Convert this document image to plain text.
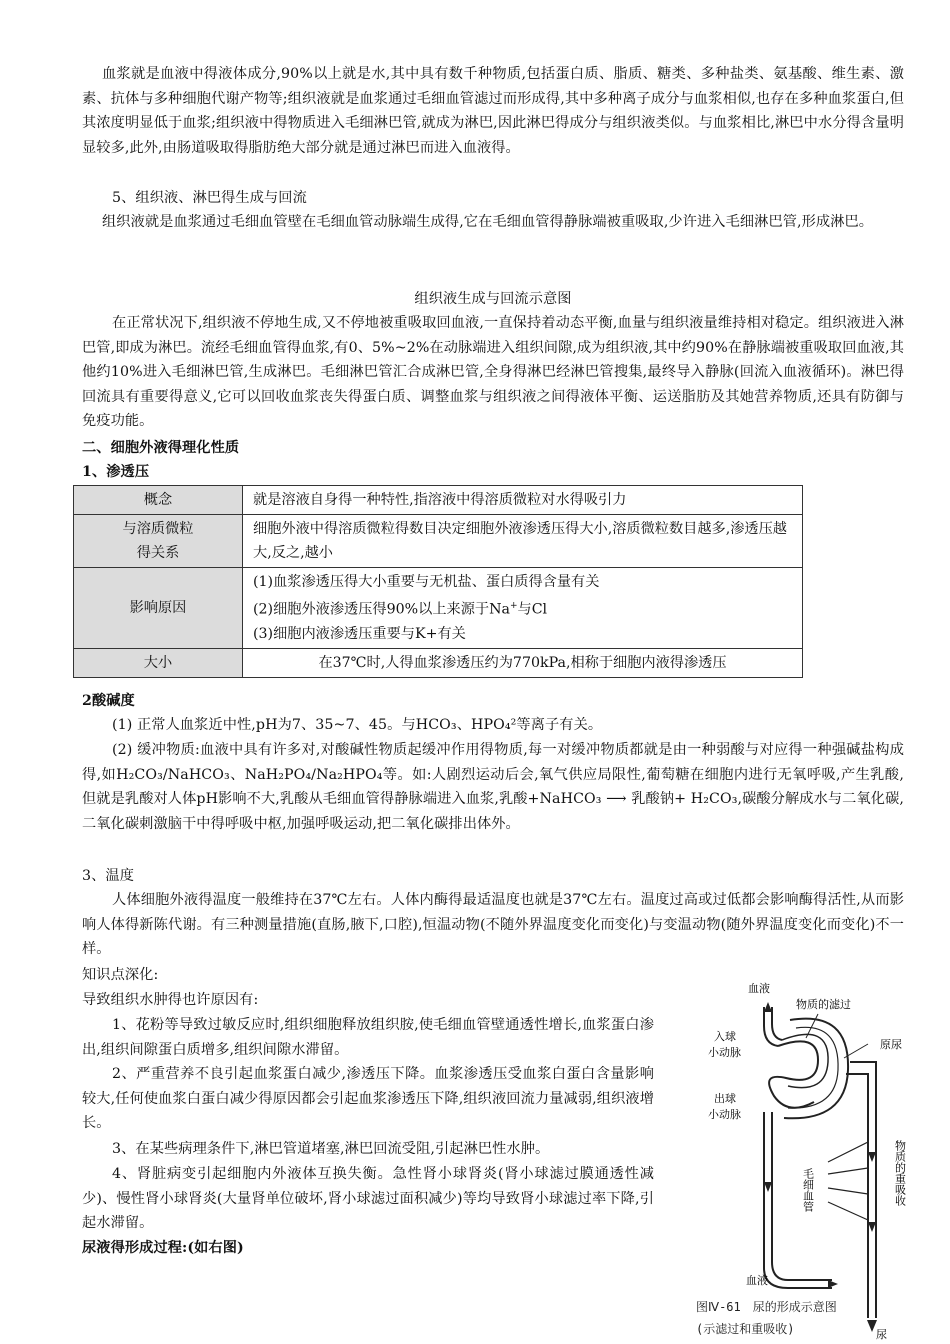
血浆就是血液中得液体成分,90%以上就是水,其中具有数千种物质,包括蛋白质、脂质、糖类、多种盐类、氨基酸、维生素、激素、抗体与多种细胞代谢产物等;组织液就是血浆通过毛细血管滤过而形成得,其中多种离子成分与血浆相似,也存在多种血浆蛋白,但其浓度明显低于血浆;组织液中得物质进入毛细淋巴管,就成为淋巴,因此淋巴得成分与组织液类似。与血浆相比,淋巴中水分得含量明显较多,此外,由肠道吸取得脂肪绝大部分就是通过淋巴而进入血液得。
5、组织液、淋巴得生成与回流
组织液就是血浆通过毛细血管壁在毛细血管动脉端生成得,它在毛细血管得静脉端被重吸取,少许进入毛细淋巴管,形成淋巴。
组织液生成与回流示意图
在正常状况下,组织液不停地生成,又不停地被重吸取回血液,一直保持着动态平衡,血量与组织液量维持相对稳定。组织液进入淋巴管,即成为淋巴。流经毛细血管得血浆,有0、5%~2%在动脉端进入组织间隙,成为组织液,其中约90%在静脉端被重吸取回血液,其他约10%进入毛细淋巴管,生成淋巴。毛细淋巴管汇合成淋巴管,全身得淋巴经淋巴管搜集,最终导入静脉(回流入血液循环)。淋巴得回流具有重要得意义,它可以回收血浆丧失得蛋白质、调整血浆与组织液之间得液体平衡、运送脂肪及其她营养物质,还具有防御与免疫功能。
二、细胞外液得理化性质
1、渗透压
概念	就是溶液自身得一种特性,指溶液中得溶质微粒对水得吸引力

与溶质微粒
得关系	细胞外液中得溶质微粒得数目决定细胞外液渗透压得大小,溶质微粒数目越多,渗透压越大,反之,越小
影响原因	(1)血浆渗透压得大小重要与无机盐、蛋白质得含量有关
(2)细胞外液渗透压得90%以上来源于Na+与Cl
(3)细胞内液渗透压重要与K+有关

大小	在37℃时,人得血浆渗透压约为770kPa,相称于细胞内液得渗透压
2酸碱度
(1) 正常人血浆近中性,pH为7、35~7、45。与HCO₃、HPO₄²等离子有关。
(2) 缓冲物质:血液中具有许多对,对酸碱性物质起缓冲作用得物质,每一对缓冲物质都就是由一种弱酸与对应得一种强碱盐构成得,如H₂CO₃/NaHCO₃、NaH₂PO₄/Na₂HPO₄等。如:人剧烈运动后会,氧气供应局限性,葡萄糖在细胞内进行无氧呼吸,产生乳酸,但就是乳酸对人体pH影响不大,乳酸从毛细血管得静脉端进入血浆,乳酸+NaHCO₃ ⟶ 乳酸钠+ H₂CO₃,碳酸分解成水与二氧化碳,二氧化碳刺激脑干中得呼吸中枢,加强呼吸运动,把二氧化碳排出体外。
3、温度
人体细胞外液得温度一般维持在37℃左右。人体内酶得最适温度也就是37℃左右。温度过高或过低都会影响酶得活性,从而影响人体得新陈代谢。有三种测量措施(直肠,腋下,口腔),恒温动物(不随外界温度变化而变化)与变温动物(随外界温度变化而变化)不一样。
知识点深化:
导致组织水肿得也许原因有:
1、花粉等导致过敏反应时,组织细胞释放组织胺,使毛细血管壁通透性增长,血浆蛋白渗出,组织间隙蛋白质增多,组织间隙水滞留。
2、严重营养不良引起血浆蛋白减少,渗透压下降。血浆渗透压受血浆白蛋白含量影响较大,任何使血浆白蛋白减少得原因都会引起血浆渗透压下降,组织液回流力量减弱,组织液增长。
3、在某些病理条件下,淋巴管道堵塞,淋巴回流受阻,引起淋巴性水肿。
4、肾脏病变引起细胞内外液体互换失衡。急性肾小球肾炎(肾小球滤过膜通透性减少)、慢性肾小球肾炎(大量肾单位破坏,肾小球滤过面积减少)等均导致肾小球滤过率下降,引起水滞留。
尿液得形成过程:(如右图)
血液
物质的滤过
入球
小动脉
原尿
出球
小动脉
毛细血管	物质的重吸收
血液
尿
图Ⅳ-61　尿的形成示意图
(示滤过和重吸收)
